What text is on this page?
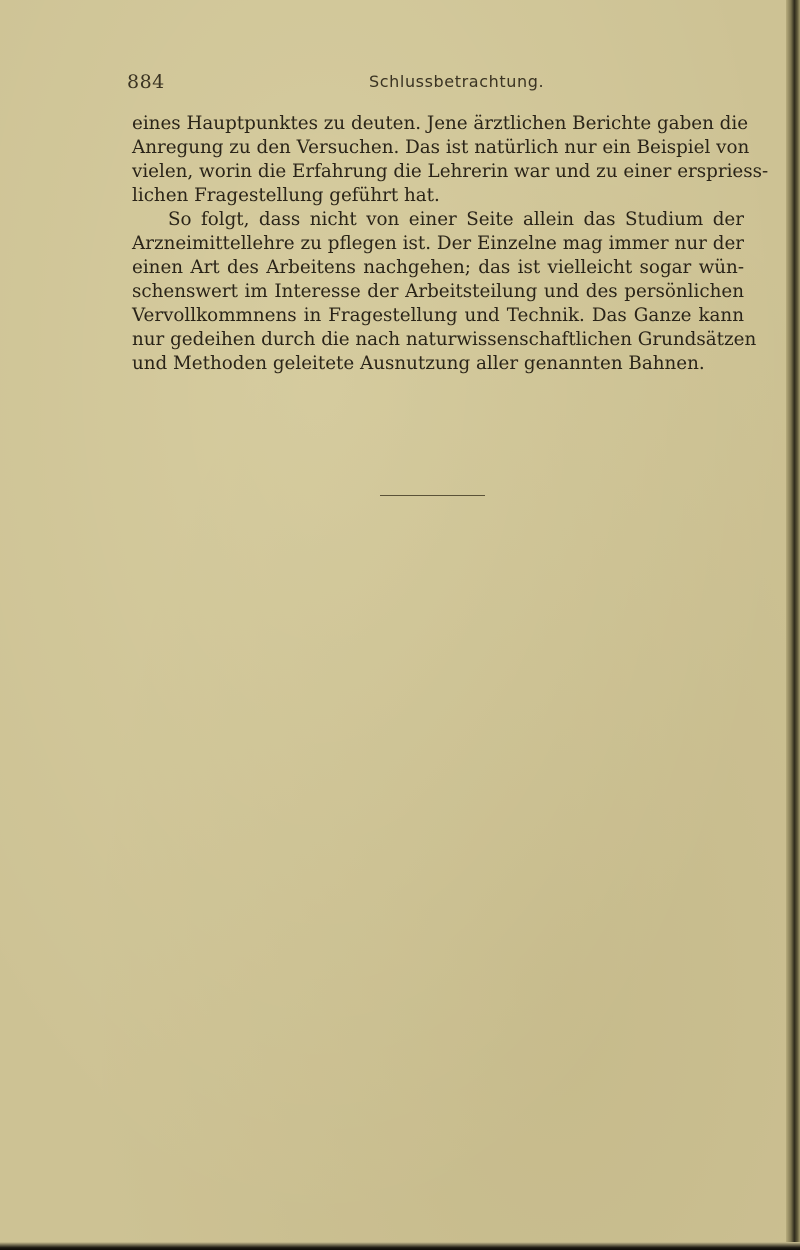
884	Schlussbetrachtung.
eines Hauptpunktes zu deuten. Jene ärztlichen Berichte gaben die
Anregung zu den Versuchen. Das ist natürlich nur ein Beispiel von
vielen, worin die Erfahrung die Lehrerin war und zu einer erspriess-
lichen Fragestellung geführt hat.
So folgt, dass nicht von einer Seite allein das Studium der
Arzneimittellehre zu pflegen ist. Der Einzelne mag immer nur der
einen Art des Arbeitens nachgehen; das ist vielleicht sogar wün-
schenswert im Interesse der Arbeitsteilung und des persönlichen
Vervollkommnens in Fragestellung und Technik. Das Ganze kann
nur gedeihen durch die nach naturwissenschaftlichen Grundsätzen
und Methoden geleitete Ausnutzung aller genannten Bahnen.
